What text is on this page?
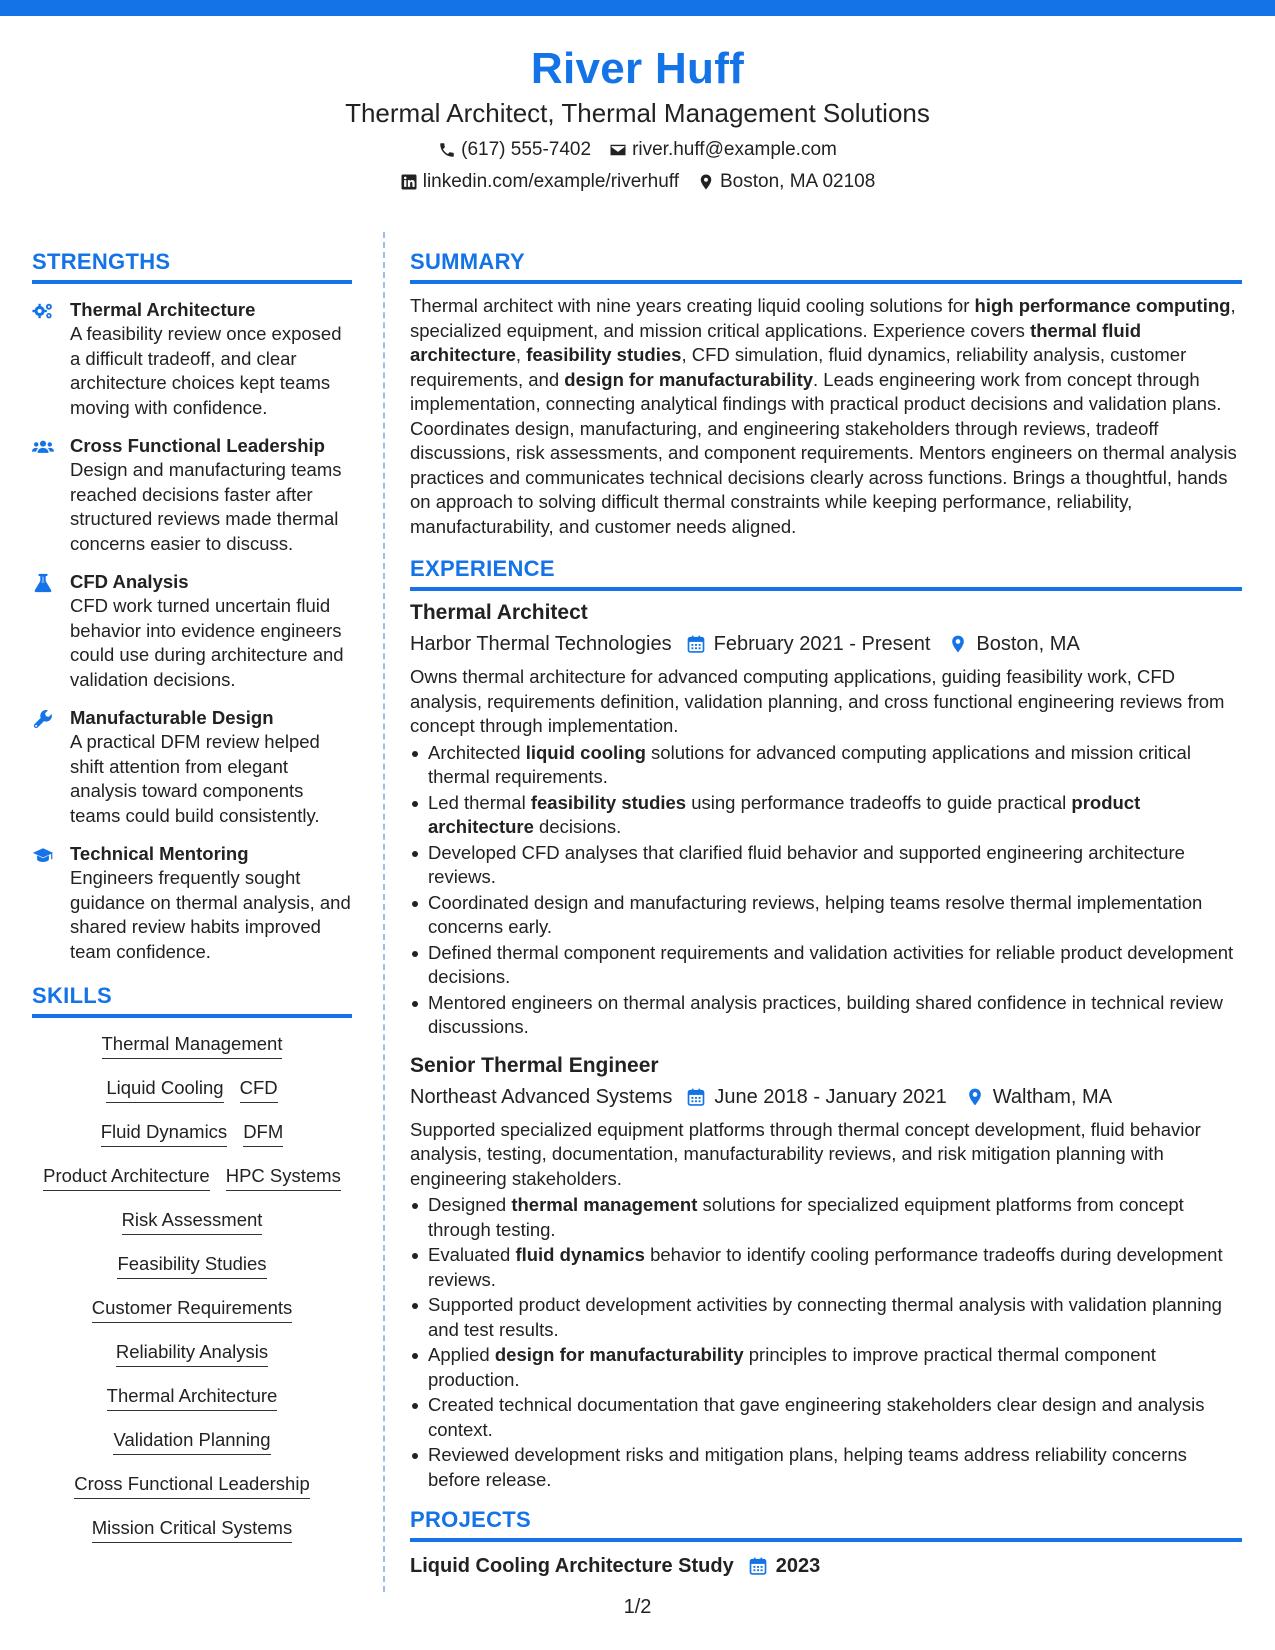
River Huff
Thermal Architect, Thermal Management Solutions
(617) 555-7402 river.huff@example.com
linkedin.com/example/riverhuff Boston, MA 02108
STRENGTHS
Thermal Architecture
A feasibility review once exposed a difficult tradeoff, and clear architecture choices kept teams moving with confidence.
Cross Functional Leadership
Design and manufacturing teams reached decisions faster after structured reviews made thermal concerns easier to discuss.
CFD Analysis
CFD work turned uncertain fluid behavior into evidence engineers could use during architecture and validation decisions.
Manufacturable Design
A practical DFM review helped shift attention from elegant analysis toward components teams could build consistently.
Technical Mentoring
Engineers frequently sought guidance on thermal analysis, and shared review habits improved team confidence.
SKILLS
Thermal Management
Liquid Cooling CFD
Fluid Dynamics DFM
Product Architecture HPC Systems
Risk Assessment
Feasibility Studies
Customer Requirements
Reliability Analysis
Thermal Architecture
Validation Planning
Cross Functional Leadership
Mission Critical Systems
SUMMARY

Thermal architect with nine years creating liquid cooling solutions for high performance computing, specialized equipment, and mission critical applications. Experience covers thermal fluid architecture, feasibility studies, CFD simulation, fluid dynamics, reliability analysis, customer requirements, and design for manufacturability. Leads engineering work from concept through implementation, connecting analytical findings with practical product decisions and validation plans. Coordinates design, manufacturing, and engineering stakeholders through reviews, tradeoff discussions, risk assessments, and component requirements. Mentors engineers on thermal analysis practices and communicates technical decisions clearly across functions. Brings a thoughtful, hands on approach to solving difficult thermal constraints while keeping performance, reliability, manufacturability, and customer needs aligned.

EXPERIENCE
Thermal Architect
Harbor Thermal Technologies February 2021 - Present Boston, MA
Owns thermal architecture for advanced computing applications, guiding feasibility work, CFD analysis, requirements definition, validation planning, and cross functional engineering reviews from concept through implementation.
Architected liquid cooling solutions for advanced computing applications and mission critical thermal requirements.
Led thermal feasibility studies using performance tradeoffs to guide practical product architecture decisions.
Developed CFD analyses that clarified fluid behavior and supported engineering architecture reviews.
Coordinated design and manufacturing reviews, helping teams resolve thermal implementation concerns early.
Defined thermal component requirements and validation activities for reliable product development decisions.
Mentored engineers on thermal analysis practices, building shared confidence in technical review discussions.
Senior Thermal Engineer
Northeast Advanced Systems June 2018 - January 2021 Waltham, MA
Supported specialized equipment platforms through thermal concept development, fluid behavior analysis, testing, documentation, manufacturability reviews, and risk mitigation planning with engineering stakeholders.
Designed thermal management solutions for specialized equipment platforms from concept through testing.
Evaluated fluid dynamics behavior to identify cooling performance tradeoffs during development reviews.
Supported product development activities by connecting thermal analysis with validation planning and test results.
Applied design for manufacturability principles to improve practical thermal component production.
Created technical documentation that gave engineering stakeholders clear design and analysis context.
Reviewed development risks and mitigation plans, helping teams address reliability concerns before release.
PROJECTS
Liquid Cooling Architecture Study 2023
1/2
